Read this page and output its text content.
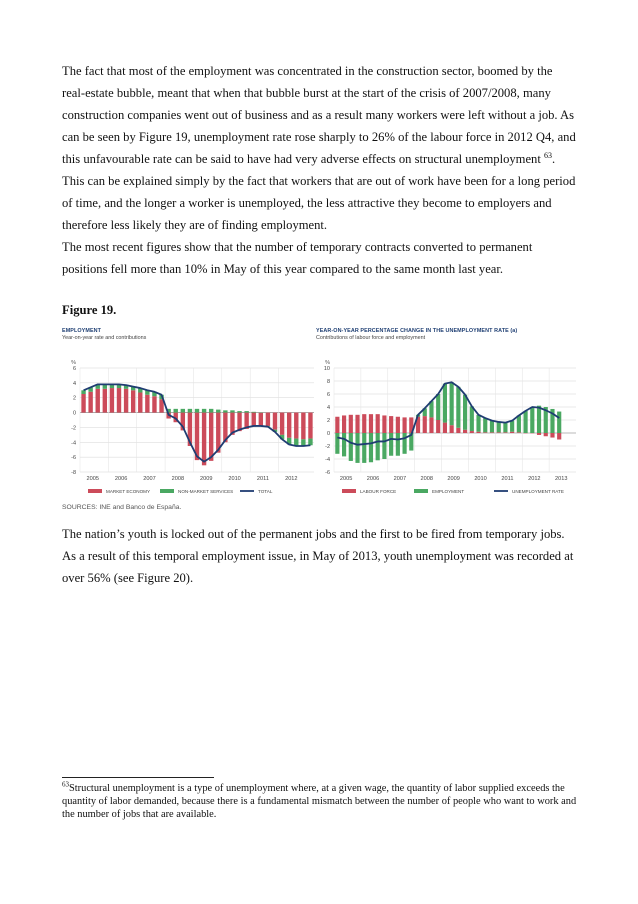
The fact that most of the employment was concentrated in the construction sector, boomed by the real-estate bubble, meant that when that bubble burst at the start of the crisis of 2007/2008, many construction companies went out of business and as a result many workers were left without a job. As can be seen by Figure 19, unemployment rate rose sharply to 26% of the labour force in 2012 Q4, and this unfavourable rate can be said to have had very adverse effects on structural unemployment $^{63}$. This can be explained simply by the fact that workers that are out of work have been for a long period of time, and the longer a worker is unemployed, the less attractive they become to employers and therefore less likely they are of finding employment.

The most recent figures show that the number of temporary contracts converted to permanent positions fell more than 10% in May of this year compared to the same month last year.

Figure 19.
EMPLOYMENT
Year-on-year rate and contributions
%
6
4
2
0
-2
-4
-6
-8
2005	2006	2007	2008	2009	2010	2011	2012
MARKET ECONOMY	NON-MARKET SERVICES	TOTAL
YEAR-ON-YEAR PERCENTAGE CHANGE IN THE UNEMPLOYMENT RATE (a)
Contributions of labour force and employment
%
10
8
6
4
2
0
-2
-4
-6
2005	2006	2007	2008	2009	2010	2011	2012	2013
LABOUR FORCE	EMPLOYMENT	UNEMPLOYMENT RATE
SOURCES: INE and Banco de España.
The nation’s youth is locked out of the permanent jobs and the first to be fired from temporary jobs. As a result of this temporal employment issue, in May of 2013, youth unemployment was recorded at over 56% (see Figure 20).
$^{63}$Structural unemployment is a type of unemployment where, at a given wage, the quantity of labor supplied exceeds the quantity of labor demanded, because there is a fundamental mismatch between the number of people who want to work and the number of jobs that are available.
